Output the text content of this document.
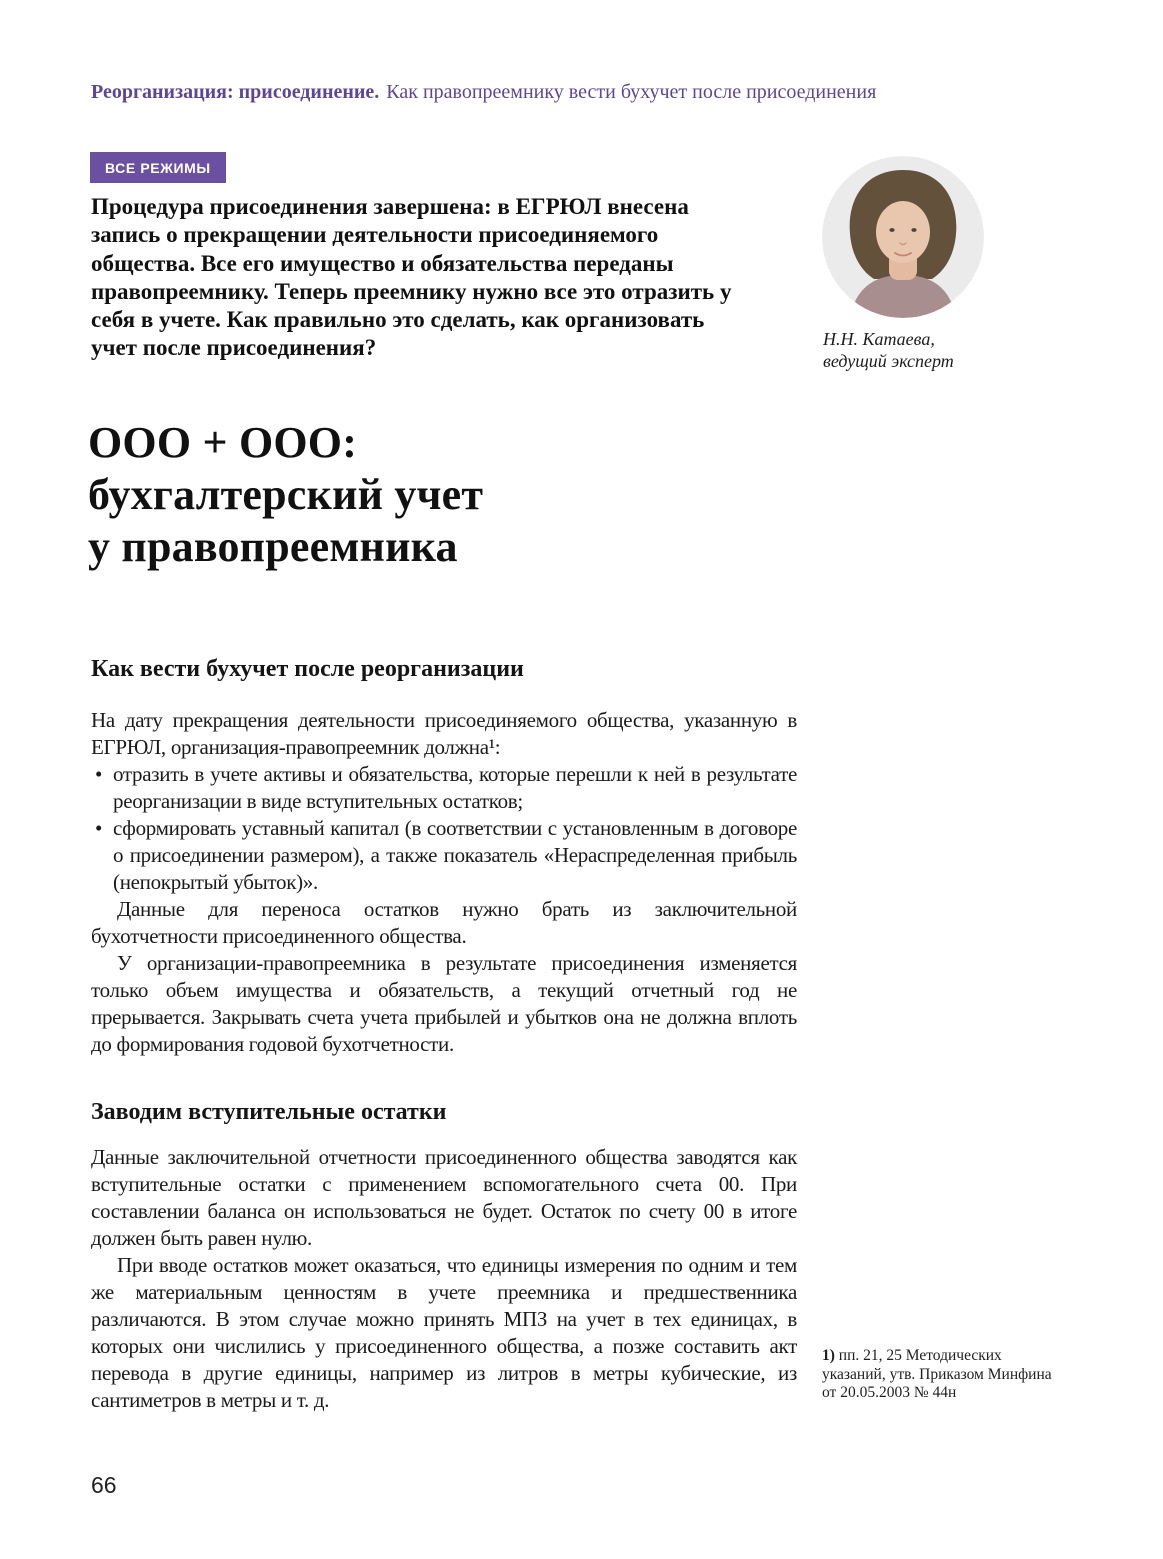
Реорганизация: присоединение. Как правопреемнику вести бухучет после присоединения
ВСЕ РЕЖИМЫ
Процедура присоединения завершена: в ЕГРЮЛ внесена запись о прекращении деятельности присоединяемого общества. Все его имущество и обязательства переданы правопреемнику. Теперь преемнику нужно все это отразить у себя в учете. Как правильно это сделать, как организовать учет после присоединения?	Н.Н. Катаева,
ведущий эксперт
ООО + ООО:
бухгалтерский учет
у правопреемника
Как вести бухучет после реорганизации

На дату прекращения деятельности присоединяемого общества, указанную в ЕГРЮЛ, организация-правопреемник должна¹:

• отразить в учете активы и обязательства, которые перешли к ней в результате реорганизации в виде вступительных остатков;
• сформировать уставный капитал (в соответствии с установленным в договоре о присоединении размером), а также показатель «Нераспределенная прибыль (непокрытый убыток)».

Данные для переноса остатков нужно брать из заключительной бухотчетности присоединенного общества.

У организации-правопреемника в результате присоединения изменяется только объем имущества и обязательств, а текущий отчетный год не прерывается. Закрывать счета учета прибылей и убытков она не должна вплоть до формирования годовой бухотчетности.

Заводим вступительные остатки

Данные заключительной отчетности присоединенного общества заводятся как вступительные остатки с применением вспомогательного счета 00. При составлении баланса он использоваться не будет. Остаток по счету 00 в итоге должен быть равен нулю.

При вводе остатков может оказаться, что единицы измерения по одним и тем же материальным ценностям в учете преемника и предшественника различаются. В этом случае можно принять МПЗ на учет в тех единицах, в которых они числились у присоединенного общества, а позже составить акт перевода в другие единицы, например из литров в метры кубические, из сантиметров в метры и т. д.

1) пп. 21, 25 Методических указаний, утв. Приказом Минфина от 20.05.2003 № 44н
66
